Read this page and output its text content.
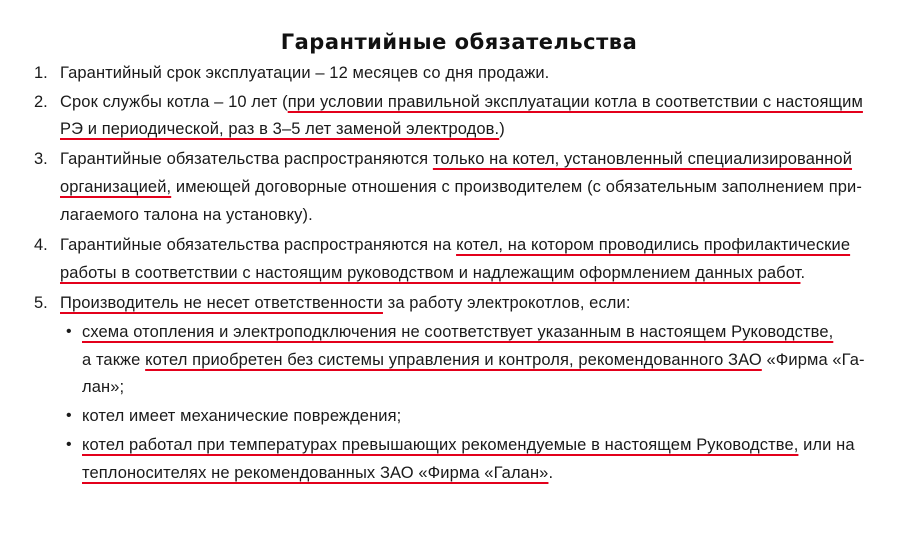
Гарантийные обязательства
1. Гарантийный срок эксплуатации – 12 месяцев со дня продажи.
2. Срок службы котла – 10 лет (при условии правильной эксплуатации котла в соответствии с настоящим
РЭ и периодической, раз в 3–5 лет заменой электродов.)
3. Гарантийные обязательства распространяются только на котел, установленный специализированной
организацией, имеющей договорные отношения с производителем (с обязательным заполнением при-
лагаемого талона на установку).
4. Гарантийные обязательства распространяются на котел, на котором проводились профилактические
работы в соответствии с настоящим руководством и надлежащим оформлением данных работ.
5. Производитель не несет ответственности за работу электрокотлов, если:
• схема отопления и электроподключения не соответствует указанным в настоящем Руководстве,
а также котел приобретен без системы управления и контроля, рекомендованного ЗАО «Фирма «Га-
лан»;
• котел имеет механические повреждения;
• котел работал при температурах превышающих рекомендуемые в настоящем Руководстве, или на
теплоносителях не рекомендованных ЗАО «Фирма «Галан».
